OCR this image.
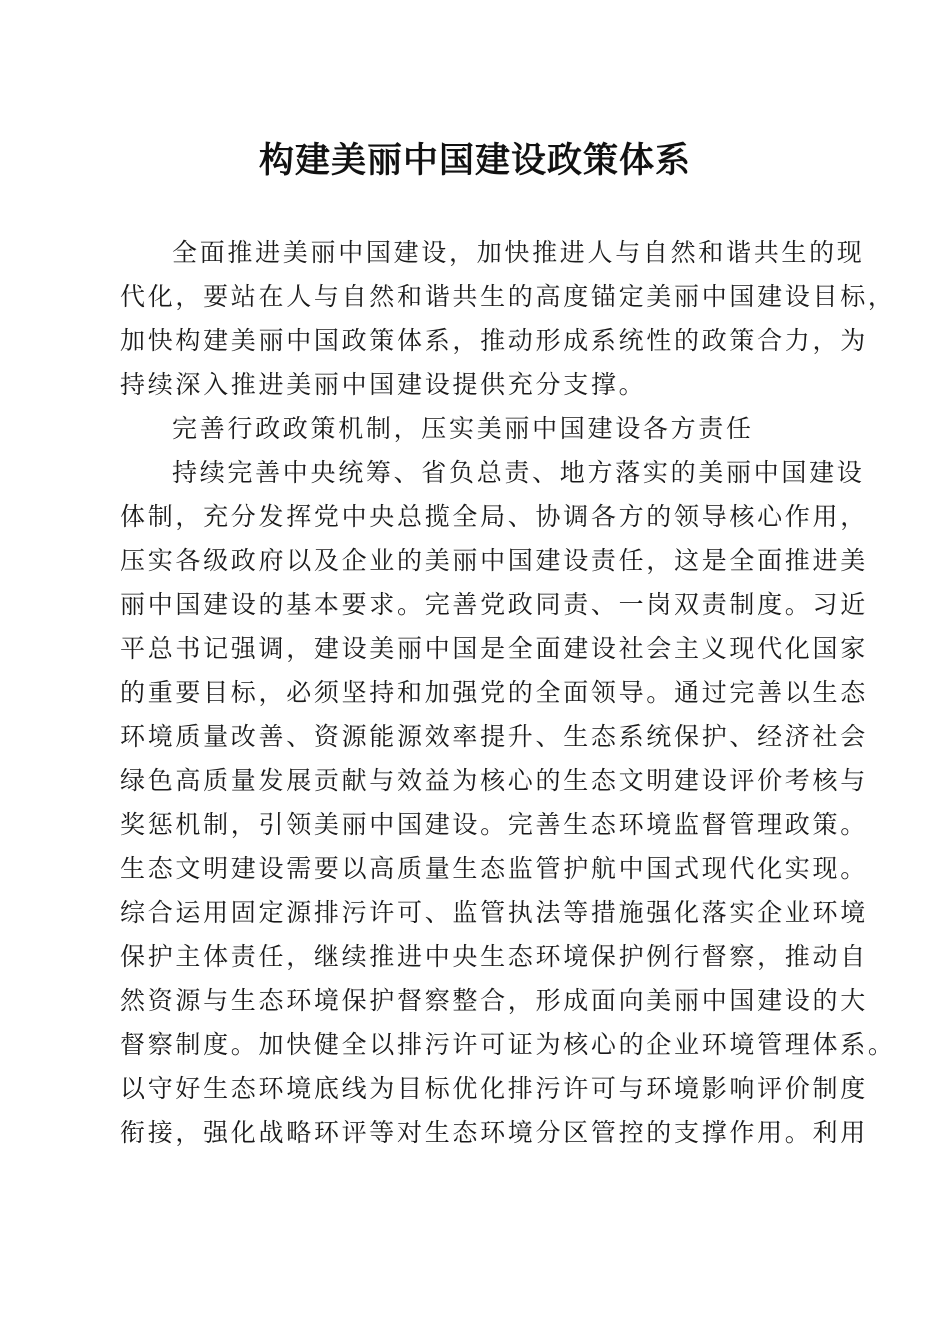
构建美丽中国建设政策体系
全面推进美丽中国建设，加快推进人与自然和谐共生的现
代化，要站在人与自然和谐共生的高度锚定美丽中国建设目标，
加快构建美丽中国政策体系，推动形成系统性的政策合力，为
持续深入推进美丽中国建设提供充分支撑。
完善行政政策机制，压实美丽中国建设各方责任
持续完善中央统筹、省负总责、地方落实的美丽中国建设
体制，充分发挥党中央总揽全局、协调各方的领导核心作用，
压实各级政府以及企业的美丽中国建设责任，这是全面推进美
丽中国建设的基本要求。完善党政同责、一岗双责制度。习近
平总书记强调，建设美丽中国是全面建设社会主义现代化国家
的重要目标，必须坚持和加强党的全面领导。通过完善以生态
环境质量改善、资源能源效率提升、生态系统保护、经济社会
绿色高质量发展贡献与效益为核心的生态文明建设评价考核与
奖惩机制，引领美丽中国建设。完善生态环境监督管理政策。
生态文明建设需要以高质量生态监管护航中国式现代化实现。
综合运用固定源排污许可、监管执法等措施强化落实企业环境
保护主体责任，继续推进中央生态环境保护例行督察，推动自
然资源与生态环境保护督察整合，形成面向美丽中国建设的大
督察制度。加快健全以排污许可证为核心的企业环境管理体系。
以守好生态环境底线为目标优化排污许可与环境影响评价制度
衔接，强化战略环评等对生态环境分区管控的支撑作用。利用
